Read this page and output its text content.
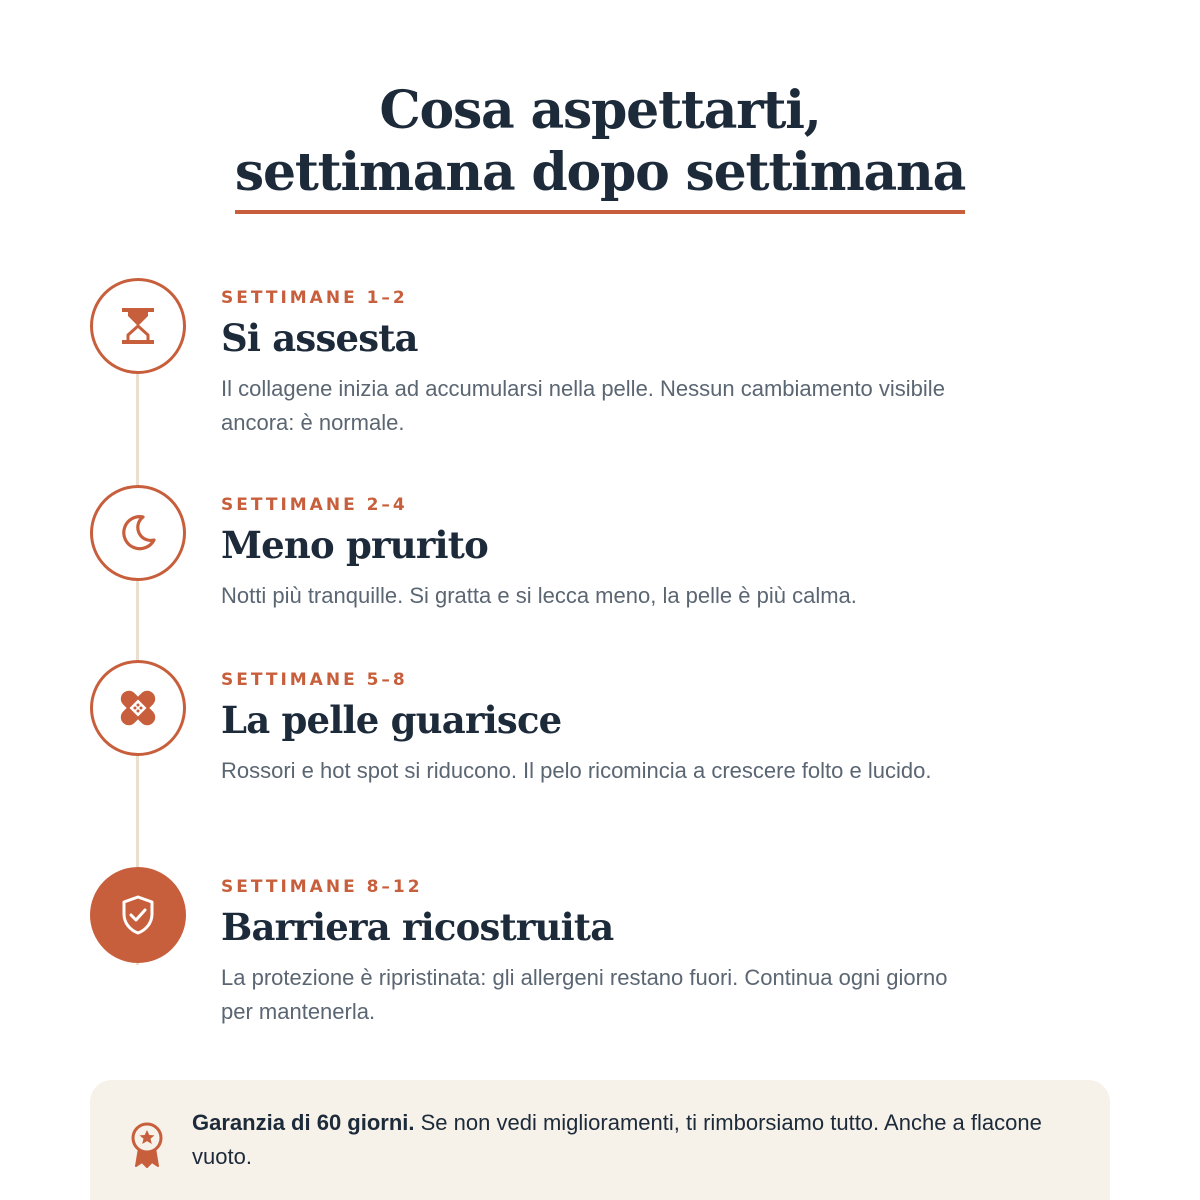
Cosa aspettarti,
settimana dopo settimana
SETTIMANE 1–2
Si assesta
Il collagene inizia ad accumularsi nella pelle. Nessun cambiamento visibile ancora: è normale.
SETTIMANE 2–4
Meno prurito
Notti più tranquille. Si gratta e si lecca meno, la pelle è più calma.
SETTIMANE 5–8
La pelle guarisce
Rossori e hot spot si riducono. Il pelo ricomincia a crescere folto e lucido.
SETTIMANE 8–12
Barriera ricostruita
La protezione è ripristinata: gli allergeni restano fuori. Continua ogni giorno per mantenerla.
Garanzia di 60 giorni. Se non vedi miglioramenti, ti rimborsiamo tutto. Anche a flacone vuoto.
